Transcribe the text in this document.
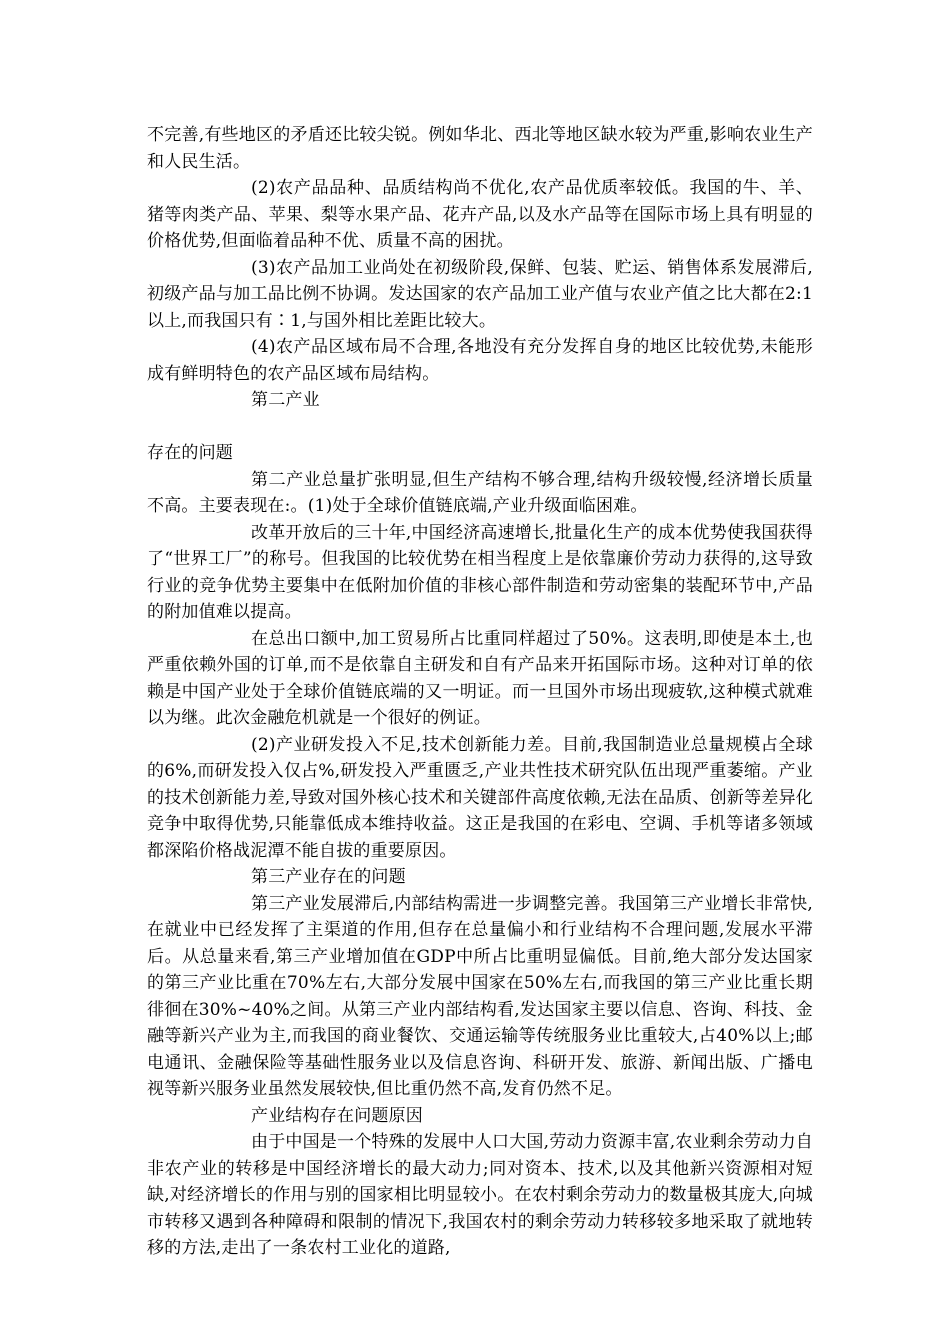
不完善,有些地区的矛盾还比较尖锐。例如华北、西北等地区缺水较为严重,影响农业生产和人民生活。

(2)农产品品种、品质结构尚不优化,农产品优质率较低。我国的牛、羊、猪等肉类产品、苹果、梨等水果产品、花卉产品,以及水产品等在国际市场上具有明显的价格优势,但面临着品种不优、质量不高的困扰。

(3)农产品加工业尚处在初级阶段,保鲜、包装、贮运、销售体系发展滞后,初级产品与加工品比例不协调。发达国家的农产品加工业产值与农业产值之比大都在2:1以上,而我国只有∶1,与国外相比差距比较大。

(4)农产品区域布局不合理,各地没有充分发挥自身的地区比较优势,未能形成有鲜明特色的农产品区域布局结构。

第二产业

存在的问题

第二产业总量扩张明显,但生产结构不够合理,结构升级较慢,经济增长质量不高。主要表现在:。(1)处于全球价值链底端,产业升级面临困难。

改革开放后的三十年,中国经济高速增长,批量化生产的成本优势使我国获得了“世界工厂”的称号。但我国的比较优势在相当程度上是依靠廉价劳动力获得的,这导致行业的竞争优势主要集中在低附加价值的非核心部件制造和劳动密集的装配环节中,产品的附加值难以提高。

在总出口额中,加工贸易所占比重同样超过了50%。这表明,即使是本土,也严重依赖外国的订单,而不是依靠自主研发和自有产品来开拓国际市场。这种对订单的依赖是中国产业处于全球价值链底端的又一明证。而一旦国外市场出现疲软,这种模式就难以为继。此次金融危机就是一个很好的例证。

(2)产业研发投入不足,技术创新能力差。目前,我国制造业总量规模占全球的6%,而研发投入仅占%,研发投入严重匮乏,产业共性技术研究队伍出现严重萎缩。产业的技术创新能力差,导致对国外核心技术和关键部件高度依赖,无法在品质、创新等差异化竞争中取得优势,只能靠低成本维持收益。这正是我国的在彩电、空调、手机等诸多领域都深陷价格战泥潭不能自拔的重要原因。

第三产业存在的问题

第三产业发展滞后,内部结构需进一步调整完善。我国第三产业增长非常快,在就业中已经发挥了主渠道的作用,但存在总量偏小和行业结构不合理问题,发展水平滞后。从总量来看,第三产业增加值在GDP中所占比重明显偏低。目前,绝大部分发达国家的第三产业比重在70%左右,大部分发展中国家在50%左右,而我国的第三产业比重长期徘徊在30%~40%之间。从第三产业内部结构看,发达国家主要以信息、咨询、科技、金融等新兴产业为主,而我国的商业餐饮、交通运输等传统服务业比重较大,占40%以上;邮电通讯、金融保险等基础性服务业以及信息咨询、科研开发、旅游、新闻出版、广播电视等新兴服务业虽然发展较快,但比重仍然不高,发育仍然不足。

产业结构存在问题原因

由于中国是一个特殊的发展中人口大国,劳动力资源丰富,农业剩余劳动力自非农产业的转移是中国经济增长的最大动力;同对资本、技术,以及其他新兴资源相对短缺,对经济增长的作用与别的国家相比明显较小。在农村剩余劳动力的数量极其庞大,向城市转移又遇到各种障碍和限制的情况下,我国农村的剩余劳动力转移较多地采取了就地转移的方法,走出了一条农村工业化的道路,
